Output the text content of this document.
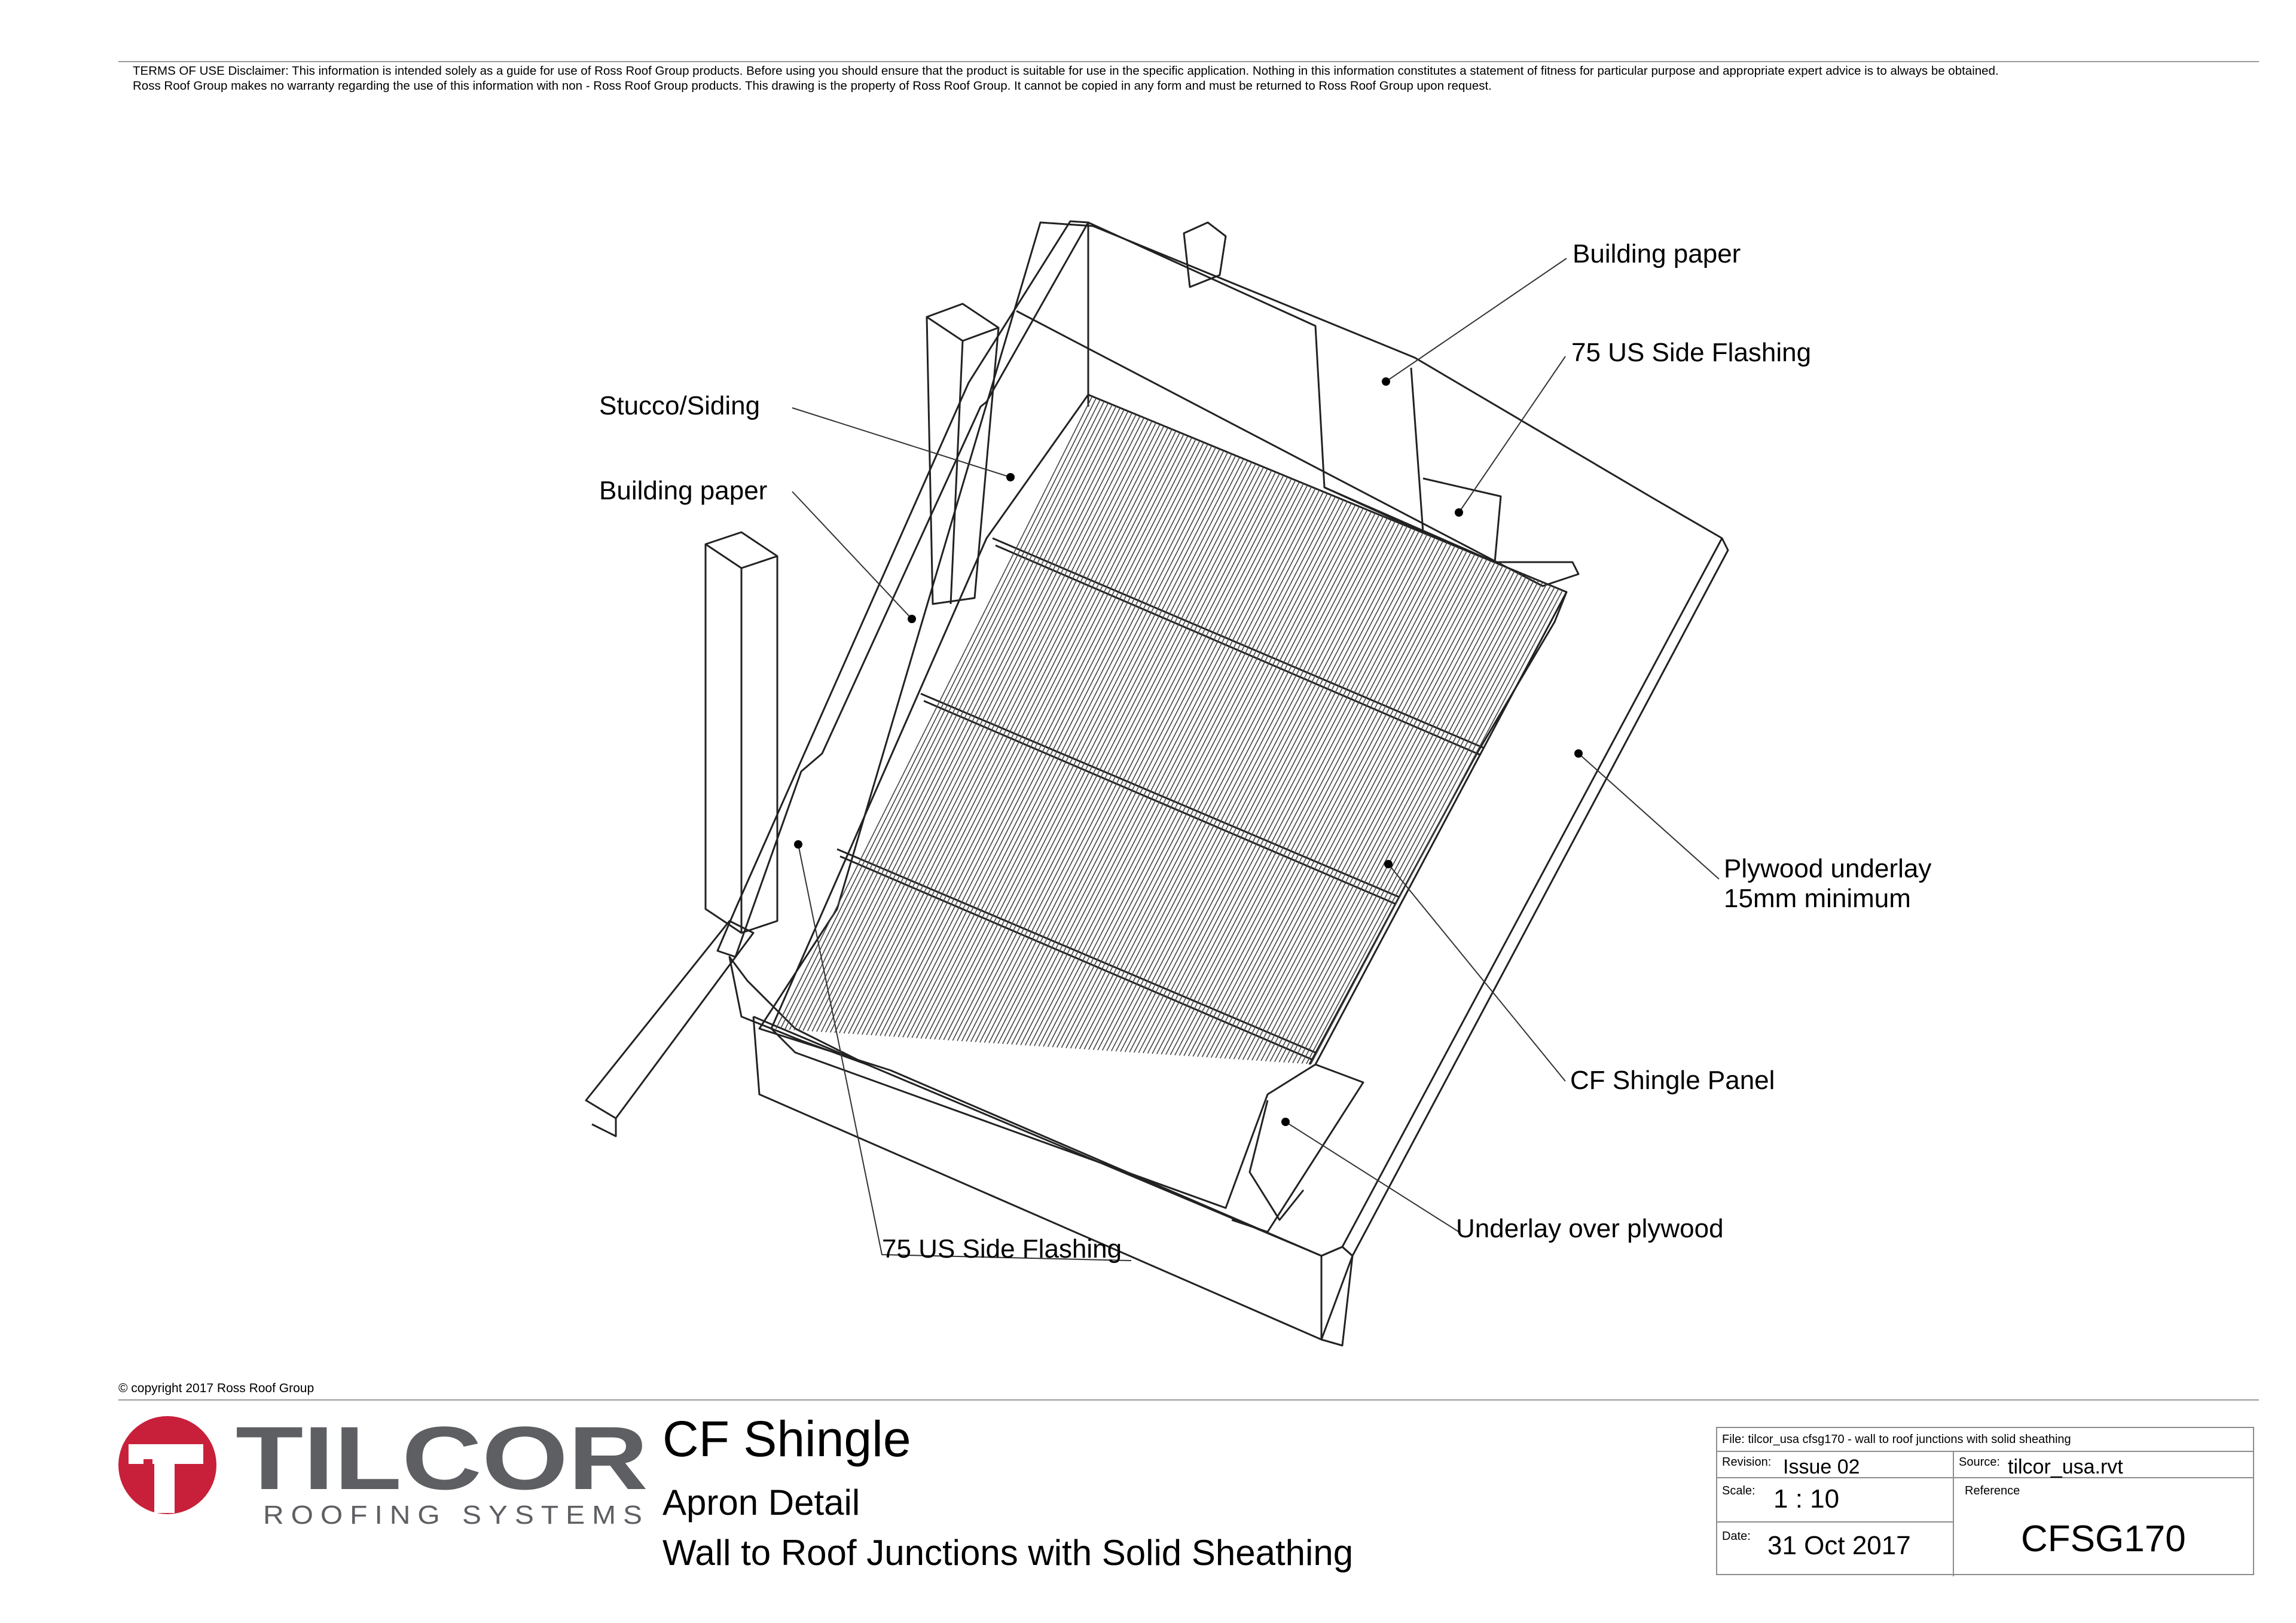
TERMS OF USE Disclaimer: This information is intended solely as a guide for use of Ross Roof Group products. Before using you should ensure that the product is suitable for use in the specific application. Nothing in this information constitutes a statement of fitness for particular purpose and appropriate expert advice is to always be obtained.
Ross Roof Group makes no warranty regarding the use of this information with non - Ross Roof Group products. This drawing is the property of Ross Roof Group. It cannot be copied in any form and must be returned to Ross Roof Group upon request.
TILCOR
ROOFING SYSTEMS
Building paper
75 US Side Flashing
Stucco/Siding
Building paper
Plywood underlay
15mm minimum
CF Shingle Panel
Underlay over plywood
75 US Side Flashing
© copyright 2017 Ross Roof Group
CF Shingle
Apron Detail
Wall to Roof Junctions with Solid Sheathing
File: tilcor_usa cfsg170 - wall to roof junctions with solid sheathing
Revision: Issue 02	Source: tilcor_usa.rvt
Scale: 1 : 10	Reference
Date: 31 Oct 2017	CFSG170
